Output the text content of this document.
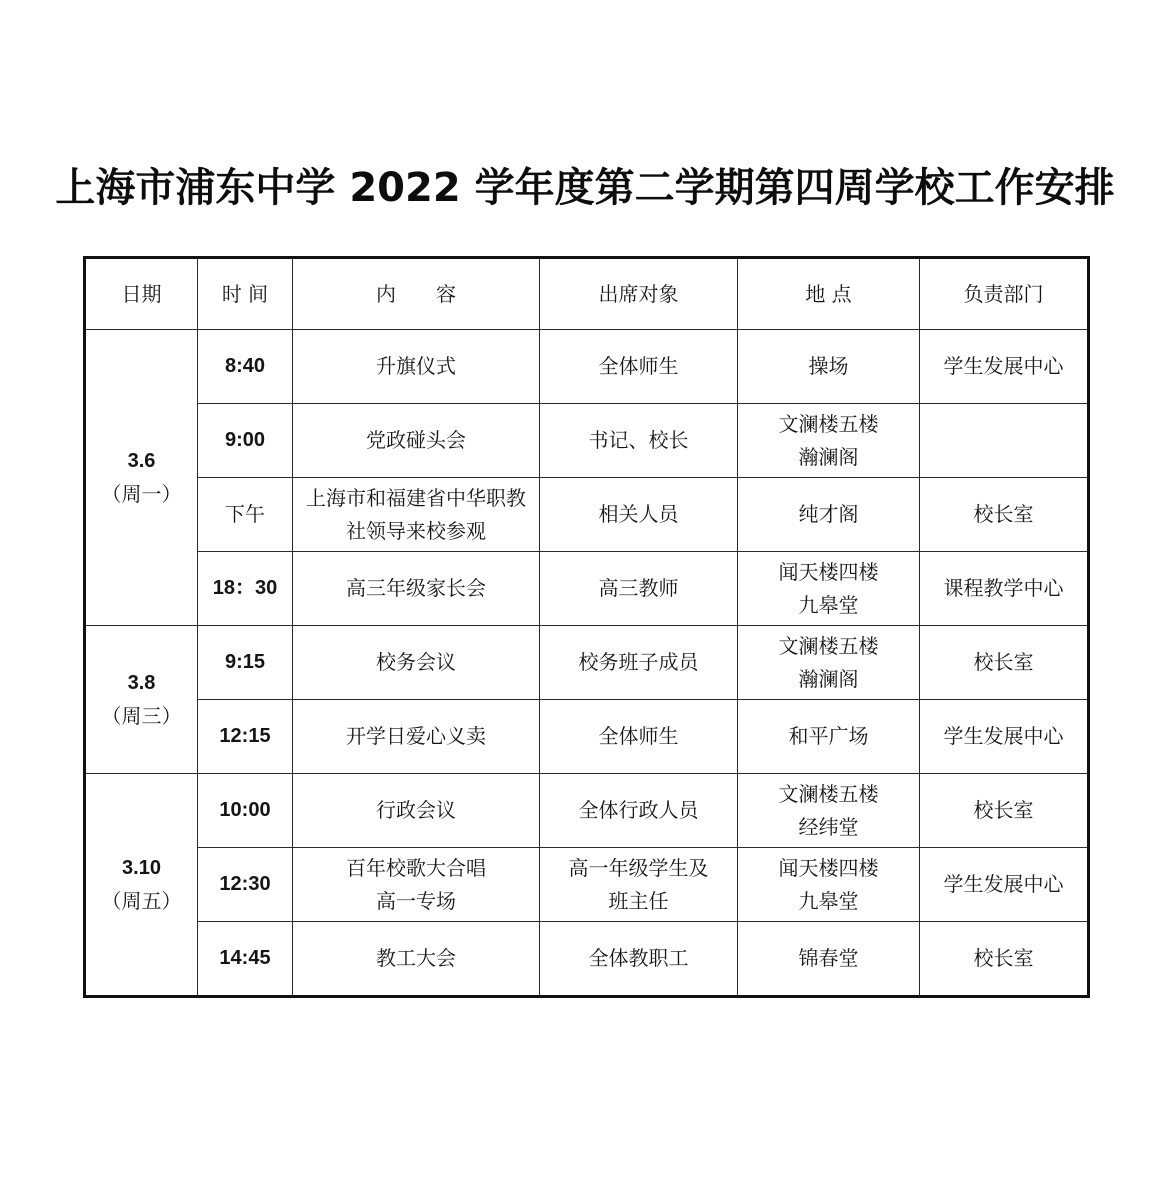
上海市浦东中学 2022 学年度第二学期第四周学校工作安排
日期	时 间	内　　容	出席对象	地 点	负责部门

3.6
（周一）	8:40	升旗仪式	全体师生	操场	学生发展中心

	9:00	党政碰头会	书记、校长	文澜楼五楼
瀚澜阁	

	下午	上海市和福建省中华职教
社领导来校参观	相关人员	纯才阁	校长室

	18：30	高三年级家长会	高三教师	闻天楼四楼
九皋堂	课程教学中心

3.8
（周三）	9:15	校务会议	校务班子成员	文澜楼五楼
瀚澜阁	校长室

	12:15	开学日爱心义卖	全体师生	和平广场	学生发展中心

3.10
（周五）	10:00	行政会议	全体行政人员	文澜楼五楼
经纬堂	校长室

	12:30	百年校歌大合唱
高一专场	高一年级学生及
班主任	闻天楼四楼
九皋堂	学生发展中心

	14:45	教工大会	全体教职工	锦春堂	校长室
